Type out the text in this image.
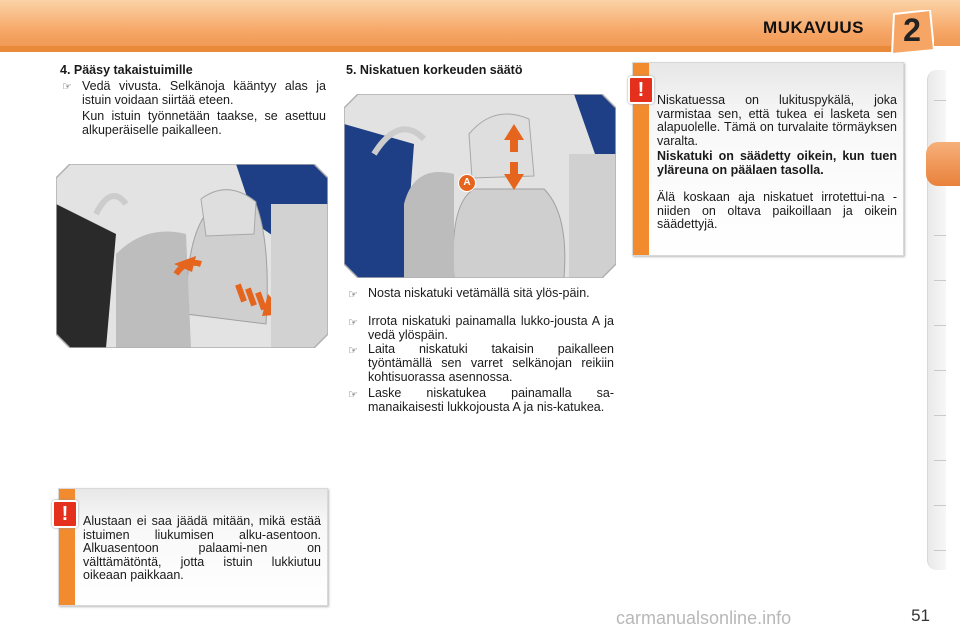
MUKAVUUS	2
4. Pääsy takaistuimille
☞ Vedä vivusta. Selkänoja kääntyy alas ja istuin voidaan siirtää eteen.
Kun istuin työnnetään taakse, se asettuu alkuperäiselle paikalleen.
Alustaan ei saa jäädä mitään, mikä estää istuimen liukumisen alku-asentoon. Alkuasentoon palaami-nen on välttämätöntä, jotta istuin lukkiutuu oikeaan paikkaan.
!
5. Niskatuen korkeuden säätö
A
☞ Nosta niskatuki vetämällä sitä ylös-päin.
☞ Irrota niskatuki painamalla lukko-jousta A ja vedä ylöspäin.
☞ Laita niskatuki takaisin paikalleen työntämällä sen varret selkänojan reikiin kohtisuorassa asennossa.
☞ Laske niskatukea painamalla sa-manaikaisesti lukkojousta A ja nis-katukea.
Niskatuessa on lukituspykälä, joka varmistaa sen, että tukea ei lasketa sen alapuolelle. Tämä on turvalaite törmäyksen varalta.
Niskatuki on säädetty oikein, kun tuen yläreuna on päälaen tasolla.
Älä koskaan aja niskatuet irrotettui-na - niiden on oltava paikoillaan ja oikein säädettyjä.
!
51
carmanualsonline.info
